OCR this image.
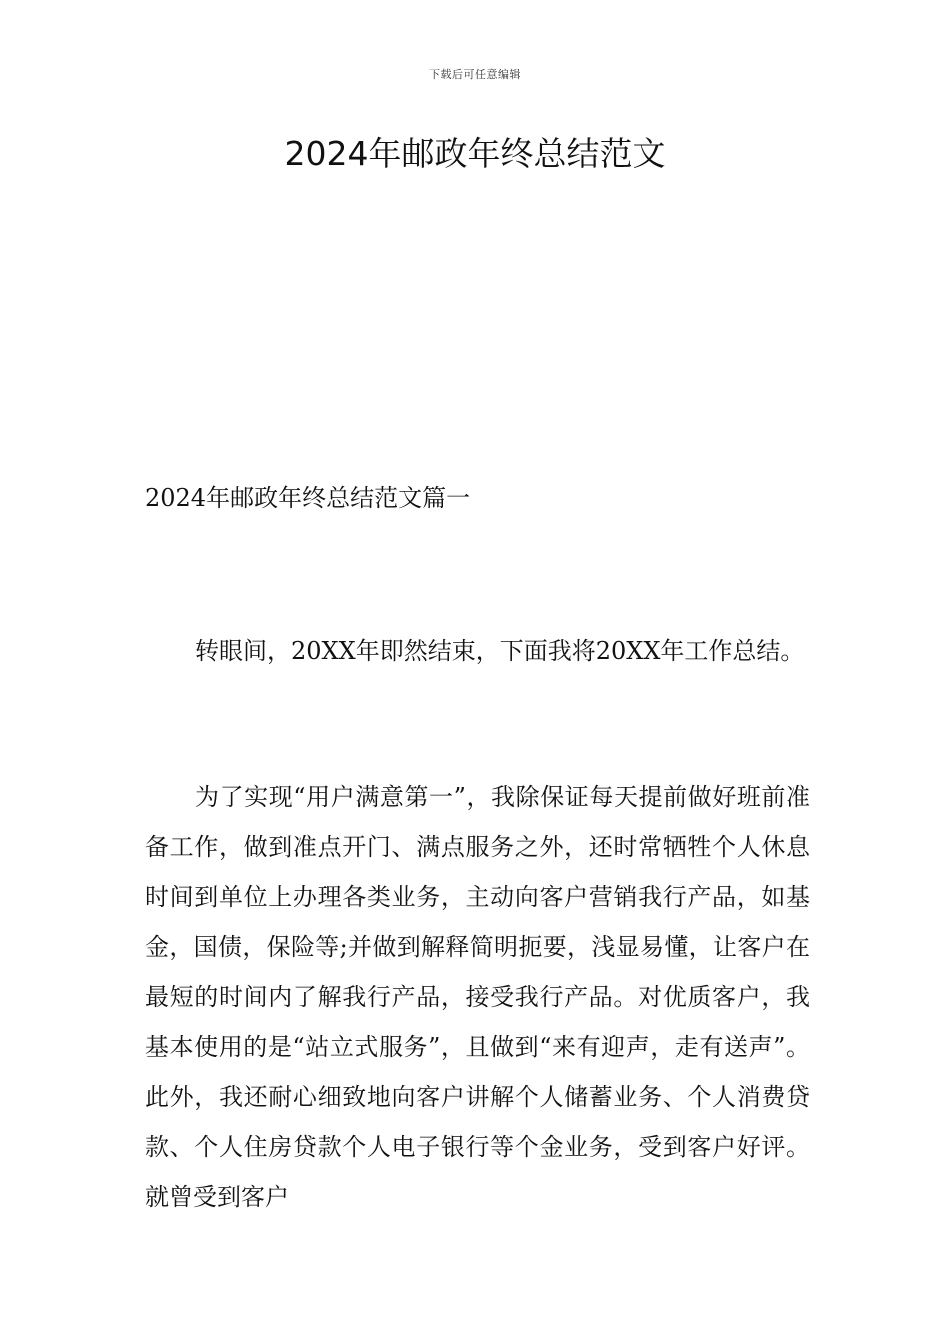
下载后可任意编辑
2024年邮政年终总结范文
2024年邮政年终总结范文篇一

转眼间，20XX年即然结束，下面我将20XX年工作总结。

为了实现“用户满意第一”，我除保证每天提前做好班前准备工作，做到准点开门、满点服务之外，还时常牺牲个人休息时间到单位上办理各类业务，主动向客户营销我行产品，如基金，国债，保险等;并做到解释简明扼要，浅显易懂，让客户在最短的时间内了解我行产品，接受我行产品。对优质客户，我基本使用的是“站立式服务”，且做到“来有迎声，走有送声”。此外，我还耐心细致地向客户讲解个人储蓄业务、个人消费贷款、个人住房贷款个人电子银行等个金业务，受到客户好评。就曾受到客户
